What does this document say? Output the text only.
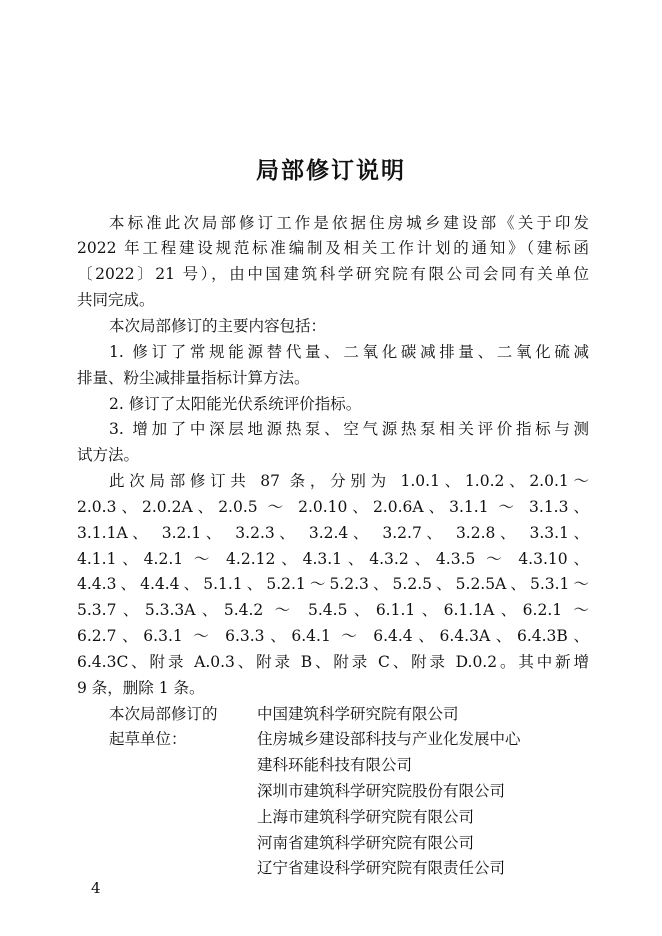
局部修订说明
本标准此次局部修订工作是依据住房城乡建设部《关于印发
2022 年工程建设规范标准编制及相关工作计划的通知》（建标函
〔2022〕21 号），由中国建筑科学研究院有限公司会同有关单位
共同完成。
本次局部修订的主要内容包括：
1. 修订了常规能源替代量、二氧化碳减排量、二氧化硫减
排量、粉尘减排量指标计算方法。
2. 修订了太阳能光伏系统评价指标。
3. 增加了中深层地源热泵、空气源热泵相关评价指标与测
试方法。
此次局部修订共 87 条，分别为 1.0.1、1.0.2、2.0.1～
2.0.3、2.0.2A、2.0.5 ～ 2.0.10、2.0.6A、3.1.1 ～ 3.1.3、
3.1.1A、 3.2.1、 3.2.3、 3.2.4、 3.2.7、 3.2.8、 3.3.1、
4.1.1、4.2.1 ～ 4.2.12、4.3.1、4.3.2、4.3.5 ～ 4.3.10、
4.4.3、4.4.4、5.1.1、5.2.1～5.2.3、5.2.5、5.2.5A、5.3.1～
5.3.7、5.3.3A、5.4.2 ～ 5.4.5、6.1.1、6.1.1A、6.2.1 ～
6.2.7、6.3.1 ～ 6.3.3、6.4.1 ～ 6.4.4、6.4.3A、6.4.3B、
6.4.3C、附录 A.0.3、附录 B、附录 C、附录 D.0.2。其中新增
9 条，删除 1 条。
本次局部修订的
起草单位：
中国建筑科学研究院有限公司
住房城乡建设部科技与产业化发展中心
建科环能科技有限公司
深圳市建筑科学研究院股份有限公司
上海市建筑科学研究院有限公司
河南省建筑科学研究院有限公司
辽宁省建设科学研究院有限责任公司
4
